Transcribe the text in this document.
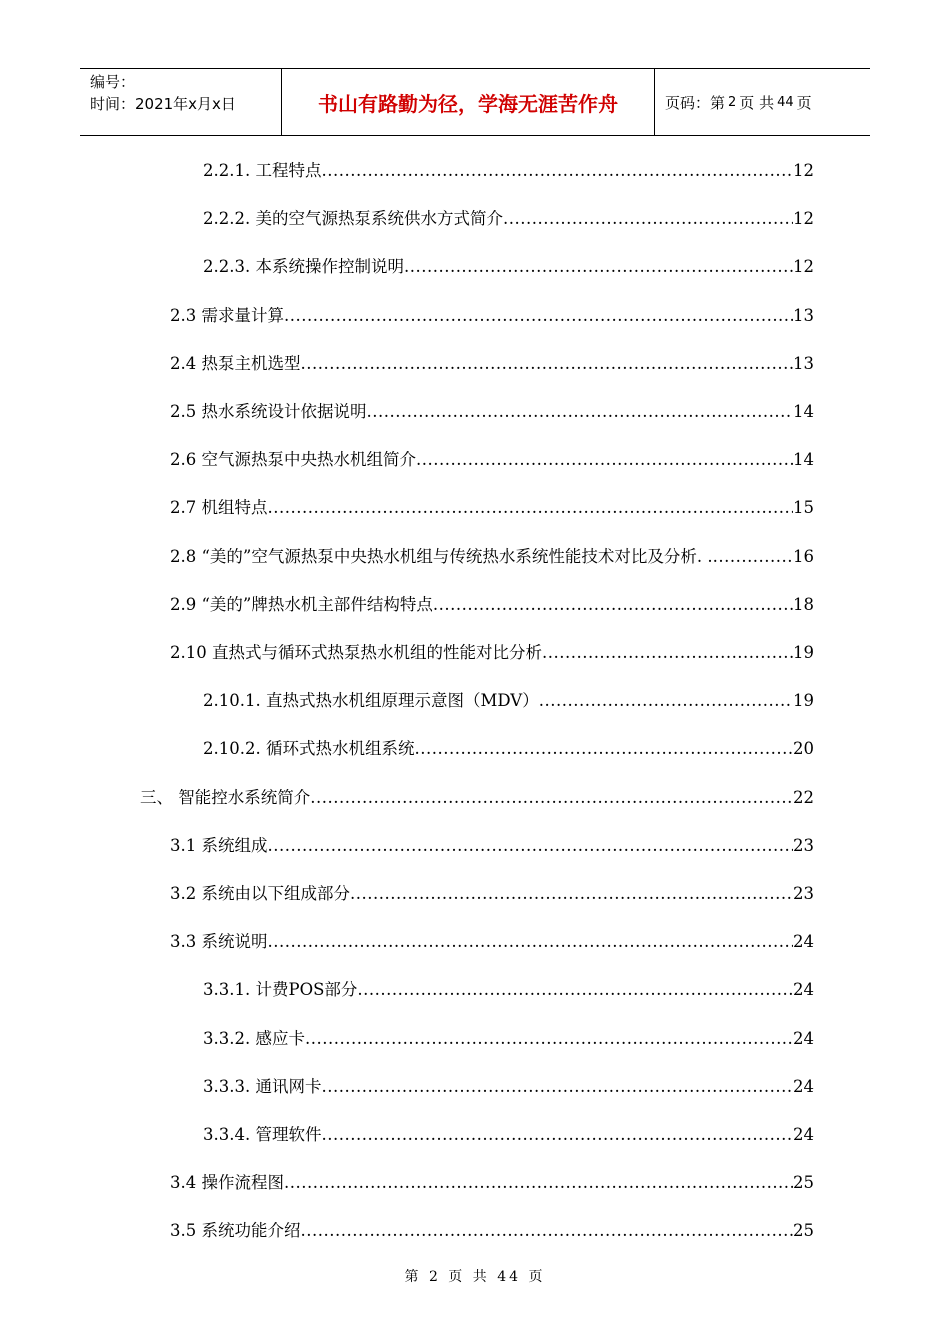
编号：
时间：2021年x月x日	书山有路勤为径，学海无涯苦作舟	页码：第 2 页 共 44 页
2.2.1. 工程特点 .....	12
2.2.2. 美的空气源热泵系统供水方式简介 .....	12
2.2.3. 本系统操作控制说明 .....	12
2.3 需求量计算 .....	13
2.4 热泵主机选型 .....	13
2.5 热水系统设计依据说明 .....	14
2.6 空气源热泵中央热水机组简介 .....	14
2.7 机组特点 .....	15
2.8 “美的”空气源热泵中央热水机组与传统热水系统性能技术对比及分析. . .....	16
2.9 “美的”牌热水机主部件结构特点 .....	18
2.10 直热式与循环式热泵热水机组的性能对比分析 .....	19
2.10.1. 直热式热水机组原理示意图（MDV） .....	19
2.10.2. 循环式热水机组系统 .....	20
三、 智能控水系统简介 .....	22
3.1 系统组成 .....	23
3.2 系统由以下组成部分 .....	23
3.3 系统说明 .....	24
3.3.1. 计费POS部分 .....	24
3.3.2. 感应卡 .....	24
3.3.3. 通讯网卡 .....	24
3.3.4. 管理软件 .....	24
3.4 操作流程图 .....	25
3.5 系统功能介绍 .....	25
第 2 页 共 44 页
